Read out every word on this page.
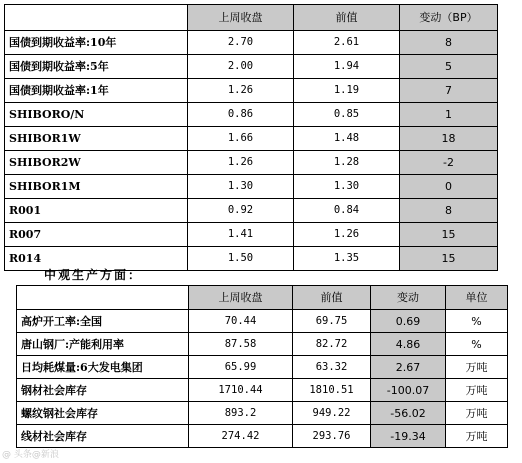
	上周收盘	前值	变动（BP）
国债到期收益率:10年	2.70	2.61	8
国债到期收益率:5年	2.00	1.94	5
国债到期收益率:1年	1.26	1.19	7
SHIBORO/N	0.86	0.85	1
SHIBOR1W	1.66	1.48	18
SHIBOR2W	1.26	1.28	-2
SHIBOR1M	1.30	1.30	0
R001	0.92	0.84	8
R007	1.41	1.26	15
R014	1.50	1.35	15
中观生产方面：
	上周收盘	前值	变动	单位
高炉开工率:全国	70.44	69.75	0.69	%
唐山钢厂:产能利用率	87.58	82.72	4.86	%
日均耗煤量:6大发电集团	65.99	63.32	2.67	万吨
钢材社会库存	1710.44	1810.51	-100.07	万吨
螺纹钢社会库存	893.2	949.22	-56.02	万吨
线材社会库存	274.42	293.76	-19.34	万吨
@ 头条@新浪
